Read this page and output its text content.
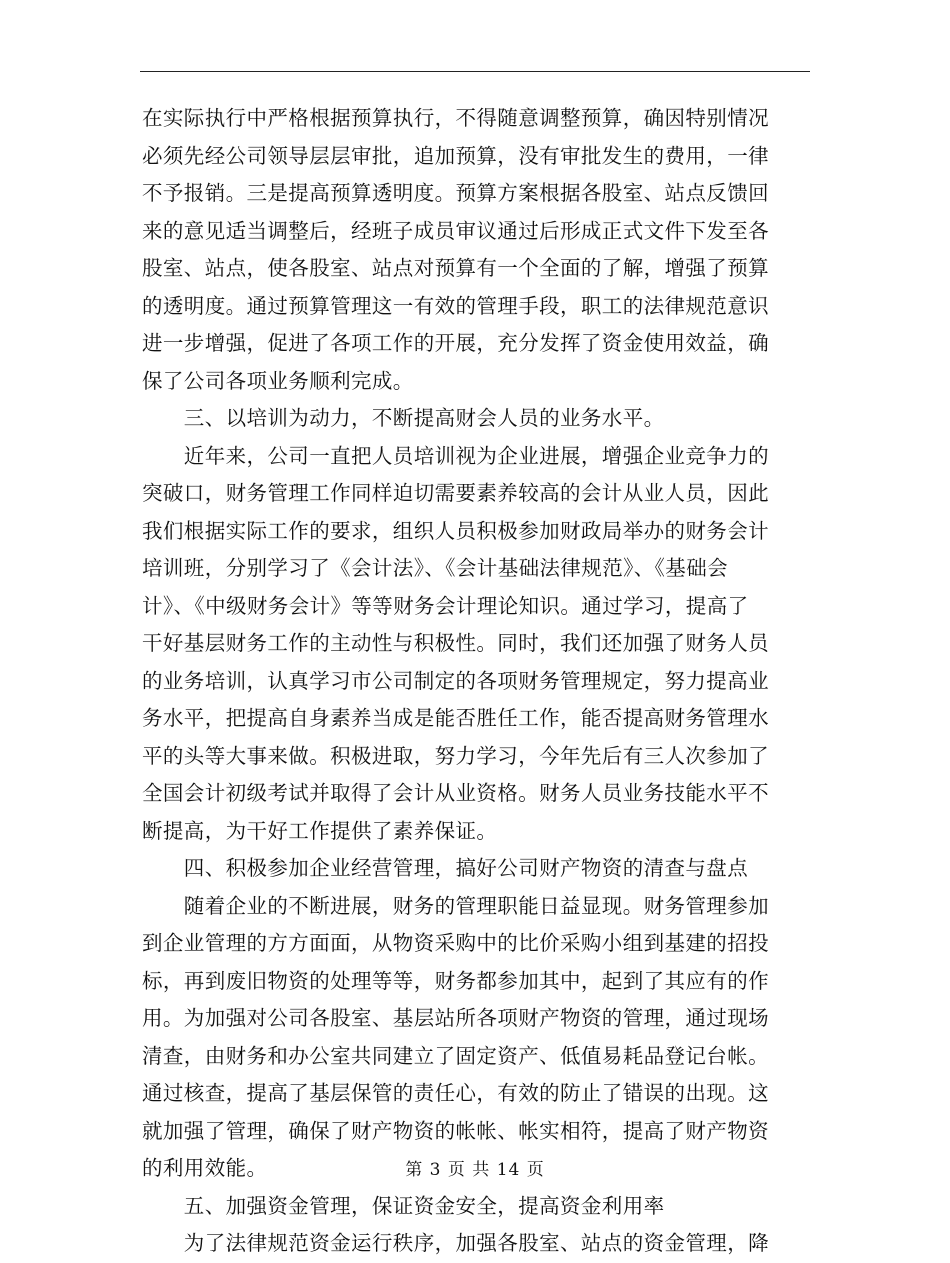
在实际执行中严格根据预算执行，不得随意调整预算，确因特别情况
必须先经公司领导层层审批，追加预算，没有审批发生的费用，一律
不予报销。三是提高预算透明度。预算方案根据各股室、站点反馈回
来的意见适当调整后，经班子成员审议通过后形成正式文件下发至各
股室、站点，使各股室、站点对预算有一个全面的了解，增强了预算
的透明度。通过预算管理这一有效的管理手段，职工的法律规范意识
进一步增强，促进了各项工作的开展，充分发挥了资金使用效益，确
保了公司各项业务顺利完成。
　　三、以培训为动力，不断提高财会人员的业务水平。
　　近年来，公司一直把人员培训视为企业进展，增强企业竞争力的
突破口，财务管理工作同样迫切需要素养较高的会计从业人员，因此
我们根据实际工作的要求，组织人员积极参加财政局举办的财务会计
培训班，分别学习了《会计法》、《会计基础法律规范》、《基础会
计》、《中级财务会计》等等财务会计理论知识。通过学习，提高了
干好基层财务工作的主动性与积极性。同时，我们还加强了财务人员
的业务培训，认真学习市公司制定的各项财务管理规定，努力提高业
务水平，把提高自身素养当成是能否胜任工作，能否提高财务管理水
平的头等大事来做。积极进取，努力学习，今年先后有三人次参加了
全国会计初级考试并取得了会计从业资格。财务人员业务技能水平不
断提高，为干好工作提供了素养保证。
　　四、积极参加企业经营管理，搞好公司财产物资的清查与盘点
　　随着企业的不断进展，财务的管理职能日益显现。财务管理参加
到企业管理的方方面面，从物资采购中的比价采购小组到基建的招投
标，再到废旧物资的处理等等，财务都参加其中，起到了其应有的作
用。为加强对公司各股室、基层站所各项财产物资的管理，通过现场
清查，由财务和办公室共同建立了固定资产、低值易耗品登记台帐。
通过核查，提高了基层保管的责任心，有效的防止了错误的出现。这
就加强了管理，确保了财产物资的帐帐、帐实相符，提高了财产物资
的利用效能。
　　五、加强资金管理，保证资金安全，提高资金利用率
　　为了法律规范资金运行秩序，加强各股室、站点的资金管理，降
第 3 页 共 14 页
